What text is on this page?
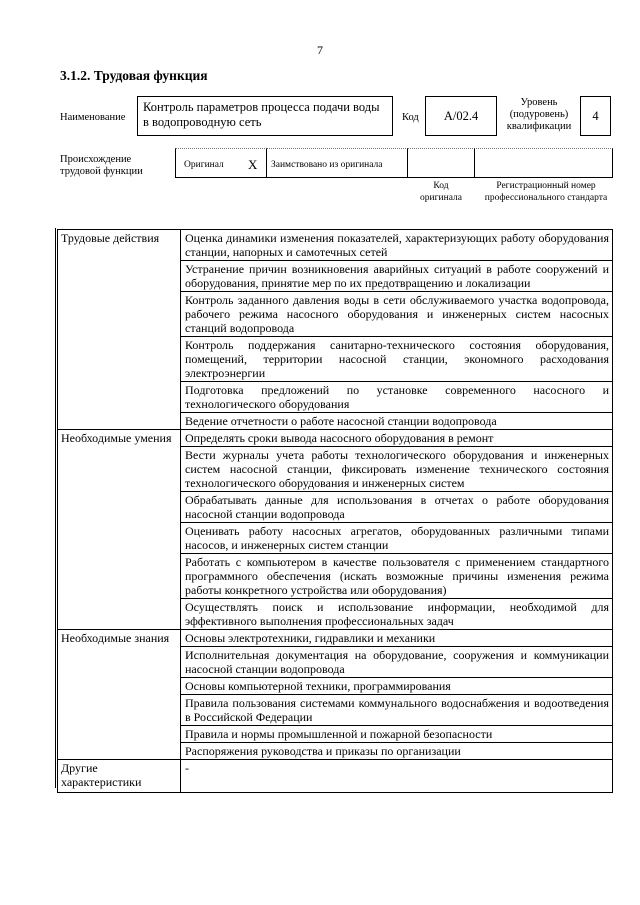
7
3.1.2. Трудовая функция
Наименование
Контроль параметров процесса подачи воды в водопроводную сеть	Код А/02.4
Уровень (подуровень) квалификации
4
Происхождение трудовой функции
Оригинал X Заимствовано из оригинала
Код оригинала
Регистрационный номер профессионального стандарта
Трудовые действия	Оценка динамики изменения показателей, характеризующих работу оборудования станции, напорных и самотечных сетей
	Устранение причин возникновения аварийных ситуаций в работе сооружений и оборудования, принятие мер по их предотвращению и локализации
	Контроль заданного давления воды в сети обслуживаемого участка водопровода, рабочего режима насосного оборудования и инженерных систем насосных станций водопровода
	Контроль поддержания санитарно-технического состояния оборудования, помещений, территории насосной станции, экономного расходования электроэнергии
	Подготовка предложений по установке современного насосного и технологического оборудования
	Ведение отчетности о работе насосной станции водопровода
Необходимые умения	Определять сроки вывода насосного оборудования в ремонт
	Вести журналы учета работы технологического оборудования и инженерных систем насосной станции, фиксировать изменение технического состояния технологического оборудования и инженерных систем
	Обрабатывать данные для использования в отчетах о работе оборудования насосной станции водопровода
	Оценивать работу насосных агрегатов, оборудованных различными типами насосов, и инженерных систем станции
	Работать с компьютером в качестве пользователя с применением стандартного программного обеспечения (искать возможные причины изменения режима работы конкретного устройства или оборудования)
	Осуществлять поиск и использование информации, необходимой для эффективного выполнения профессиональных задач
Необходимые знания	Основы электротехники, гидравлики и механики
	Исполнительная документация на оборудование, сооружения и коммуникации насосной станции водопровода
	Основы компьютерной техники, программирования
	Правила пользования системами коммунального водоснабжения и водоотведения в Российской Федерации
	Правила и нормы промышленной и пожарной безопасности
	Распоряжения руководства и приказы по организации
Другие характеристики	-
